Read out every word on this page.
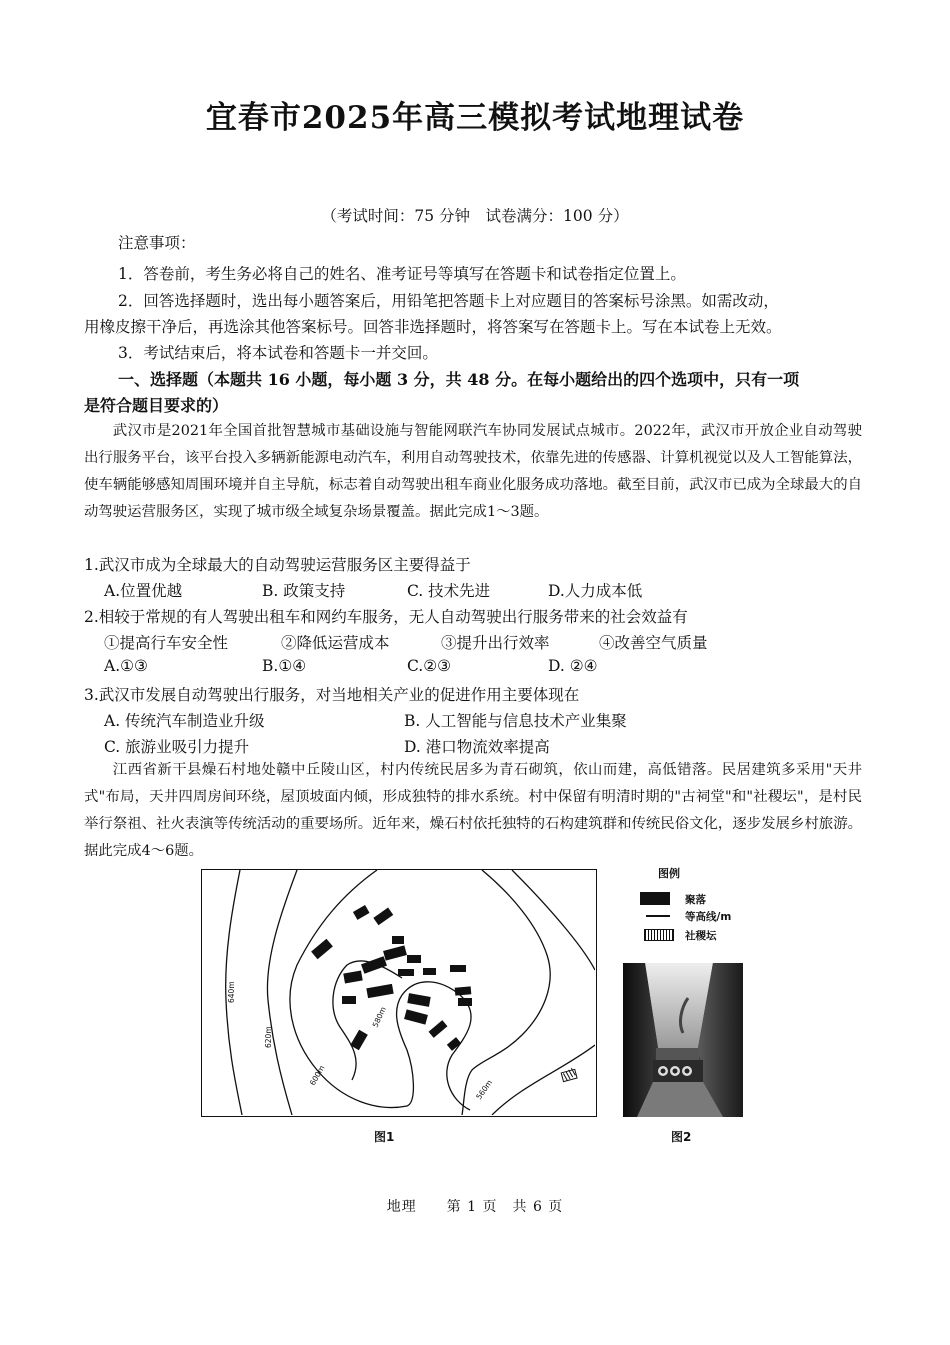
宜春市2025年高三模拟考试地理试卷
（考试时间：75 分钟　试卷满分：100 分）
注意事项：
1．答卷前，考生务必将自己的姓名、准考证号等填写在答题卡和试卷指定位置上。
2．回答选择题时，选出每小题答案后，用铅笔把答题卡上对应题目的答案标号涂黑。如需改动，
用橡皮擦干净后，再选涂其他答案标号。回答非选择题时，将答案写在答题卡上。写在本试卷上无效。
3．考试结束后，将本试卷和答题卡一并交回。
一、选择题（本题共 16 小题，每小题 3 分，共 48 分。在每小题给出的四个选项中，只有一项
是符合题目要求的）
武汉市是2021年全国首批智慧城市基础设施与智能网联汽车协同发展试点城市。2022年，武汉市开放企业自动驾驶出行服务平台，该平台投入多辆新能源电动汽车，利用自动驾驶技术，依靠先进的传感器、计算机视觉以及人工智能算法，使车辆能够感知周围环境并自主导航，标志着自动驾驶出租车商业化服务成功落地。截至目前，武汉市已成为全球最大的自动驾驶运营服务区，实现了城市级全域复杂场景覆盖。据此完成1～3题。
1.武汉市成为全球最大的自动驾驶运营服务区主要得益于
A.位置优越	B. 政策支持	C. 技术先进	D.人力成本低
2.相较于常规的有人驾驶出租车和网约车服务，无人自动驾驶出行服务带来的社会效益有
①提高行车安全性	②降低运营成本	③提升出行效率	④改善空气质量
A.①③	B.①④	C.②③	D. ②④
3.武汉市发展自动驾驶出行服务，对当地相关产业的促进作用主要体现在
A. 传统汽车制造业升级	B. 人工智能与信息技术产业集聚
C. 旅游业吸引力提升	D. 港口物流效率提高
江西省新干县燥石村地处赣中丘陵山区，村内传统民居多为青石砌筑，依山而建，高低错落。民居建筑多采用"天井式"布局，天井四周房间环绕，屋顶坡面内倾，形成独特的排水系统。村中保留有明清时期的"古祠堂"和"社稷坛"，是村民举行祭祖、社火表演等传统活动的重要场所。近年来，燥石村依托独特的石构建筑群和传统民俗文化，逐步发展乡村旅游。 据此完成4～6题。
640m
620m
600m
580m
560m
图1
图例
聚落
等高线/m
社稷坛
图2
地理　　第 1 页　共 6 页
